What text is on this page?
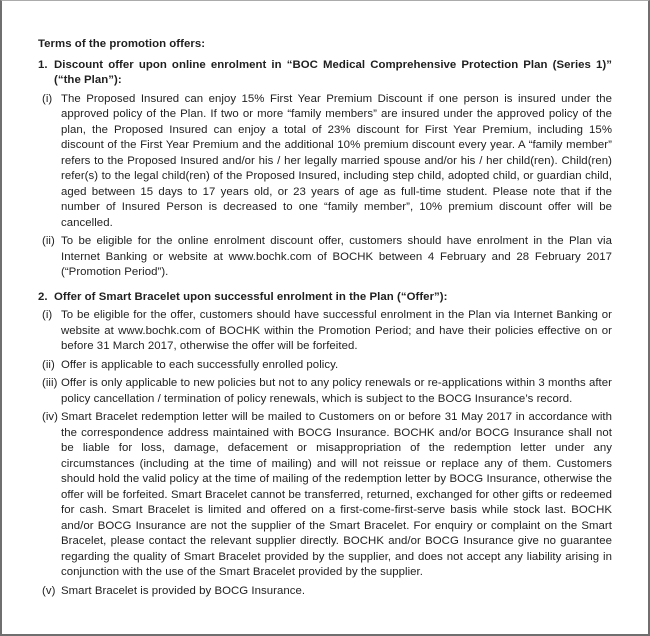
Terms of the promotion offers:
1. Discount offer upon online enrolment in “BOC Medical Comprehensive Protection Plan (Series 1)” (“the Plan”):
(i) The Proposed Insured can enjoy 15% First Year Premium Discount if one person is insured under the approved policy of the Plan. If two or more “family members” are insured under the approved policy of the plan, the Proposed Insured can enjoy a total of 23% discount for First Year Premium, including 15% discount of the First Year Premium and the additional 10% premium discount every year. A “family member” refers to the Proposed Insured and/or his / her legally married spouse and/or his / her child(ren). Child(ren) refer(s) to the legal child(ren) of the Proposed Insured, including step child, adopted child, or guardian child, aged between 15 days to 17 years old, or 23 years of age as full-time student. Please note that if the number of Insured Person is decreased to one “family member”, 10% premium discount offer will be cancelled.
(ii) To be eligible for the online enrolment discount offer, customers should have enrolment in the Plan via Internet Banking or website at www.bochk.com of BOCHK between 4 February and 28 February 2017 (“Promotion Period”).
2. Offer of Smart Bracelet upon successful enrolment in the Plan (“Offer”):
(i) To be eligible for the offer, customers should have successful enrolment in the Plan via Internet Banking or website at www.bochk.com of BOCHK within the Promotion Period; and have their policies effective on or before 31 March 2017, otherwise the offer will be forfeited.
(ii) Offer is applicable to each successfully enrolled policy.
(iii) Offer is only applicable to new policies but not to any policy renewals or re-applications within 3 months after policy cancellation / termination of policy renewals, which is subject to the BOCG Insurance’s record.
(iv) Smart Bracelet redemption letter will be mailed to Customers on or before 31 May 2017 in accordance with the correspondence address maintained with BOCG Insurance. BOCHK and/or BOCG Insurance shall not be liable for loss, damage, defacement or misappropriation of the redemption letter under any circumstances (including at the time of mailing) and will not reissue or replace any of them. Customers should hold the valid policy at the time of mailing of the redemption letter by BOCG Insurance, otherwise the offer will be forfeited. Smart Bracelet cannot be transferred, returned, exchanged for other gifts or redeemed for cash. Smart Bracelet is limited and offered on a first-come-first-serve basis while stock last. BOCHK and/or BOCG Insurance are not the supplier of the Smart Bracelet. For enquiry or complaint on the Smart Bracelet, please contact the relevant supplier directly. BOCHK and/or BOCG Insurance give no guarantee regarding the quality of Smart Bracelet provided by the supplier, and does not accept any liability arising in conjunction with the use of the Smart Bracelet provided by the supplier.
(v) Smart Bracelet is provided by BOCG Insurance.
